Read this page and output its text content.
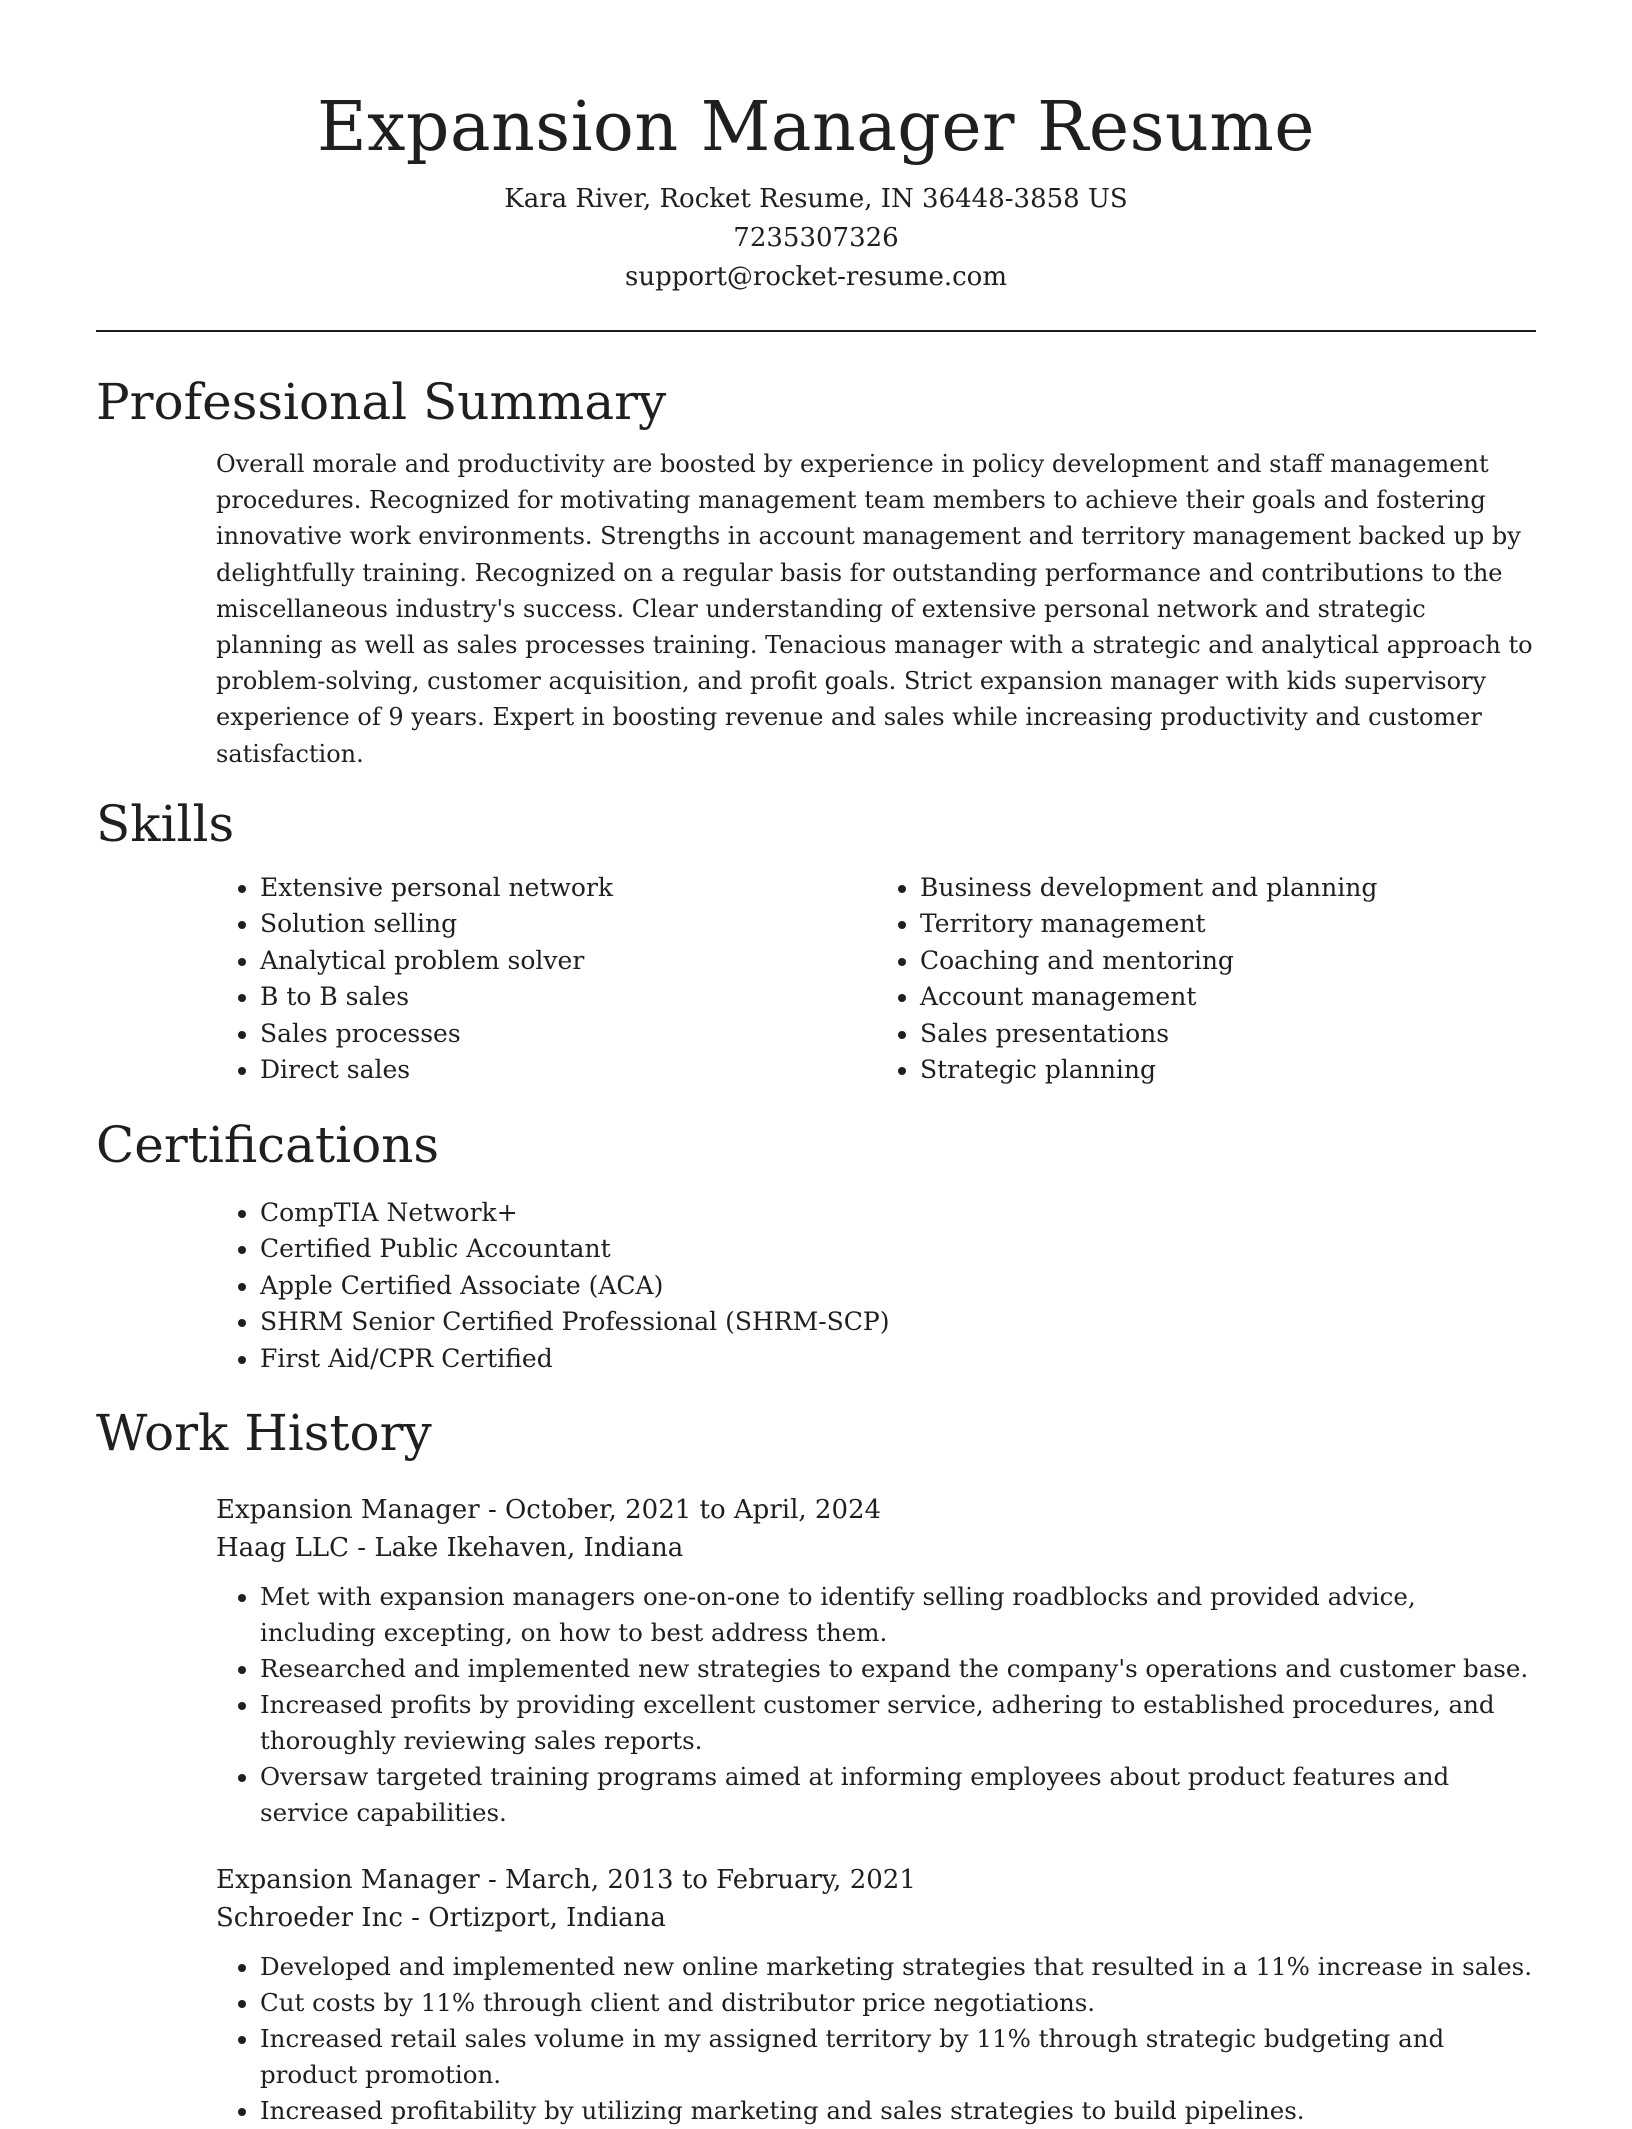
Expansion Manager Resume
Kara River, Rocket Resume, IN 36448-3858 US
7235307326
support@rocket-resume.com
Professional Summary

Overall morale and productivity are boosted by experience in policy development and staff management procedures. Recognized for motivating management team members to achieve their goals and fostering innovative work environments. Strengths in account management and territory management backed up by delightfully training. Recognized on a regular basis for outstanding performance and contributions to the miscellaneous industry's success. Clear understanding of extensive personal network and strategic planning as well as sales processes training. Tenacious manager with a strategic and analytical approach to problem-solving, customer acquisition, and profit goals. Strict expansion manager with kids supervisory experience of 9 years. Expert in boosting revenue and sales while increasing productivity and customer satisfaction.

Skills
• Extensive personal network
• Solution selling
• Analytical problem solver
• B to B sales
• Sales processes
• Direct sales
• Business development and planning
• Territory management
• Coaching and mentoring
• Account management
• Sales presentations
• Strategic planning
Certifications
• CompTIA Network+
• Certified Public Accountant
• Apple Certified Associate (ACA)
• SHRM Senior Certified Professional (SHRM-SCP)
• First Aid/CPR Certified
Work History
Expansion Manager - October, 2021 to April, 2024
Haag LLC - Lake Ikehaven, Indiana
• Met with expansion managers one-on-one to identify selling roadblocks and provided advice, including excepting, on how to best address them.
• Researched and implemented new strategies to expand the company's operations and customer base.
• Increased profits by providing excellent customer service, adhering to established procedures, and thoroughly reviewing sales reports.
• Oversaw targeted training programs aimed at informing employees about product features and service capabilities.
Expansion Manager - March, 2013 to February, 2021
Schroeder Inc - Ortizport, Indiana
• Developed and implemented new online marketing strategies that resulted in a 11% increase in sales.
• Cut costs by 11% through client and distributor price negotiations.
• Increased retail sales volume in my assigned territory by 11% through strategic budgeting and product promotion.
• Increased profitability by utilizing marketing and sales strategies to build pipelines.
